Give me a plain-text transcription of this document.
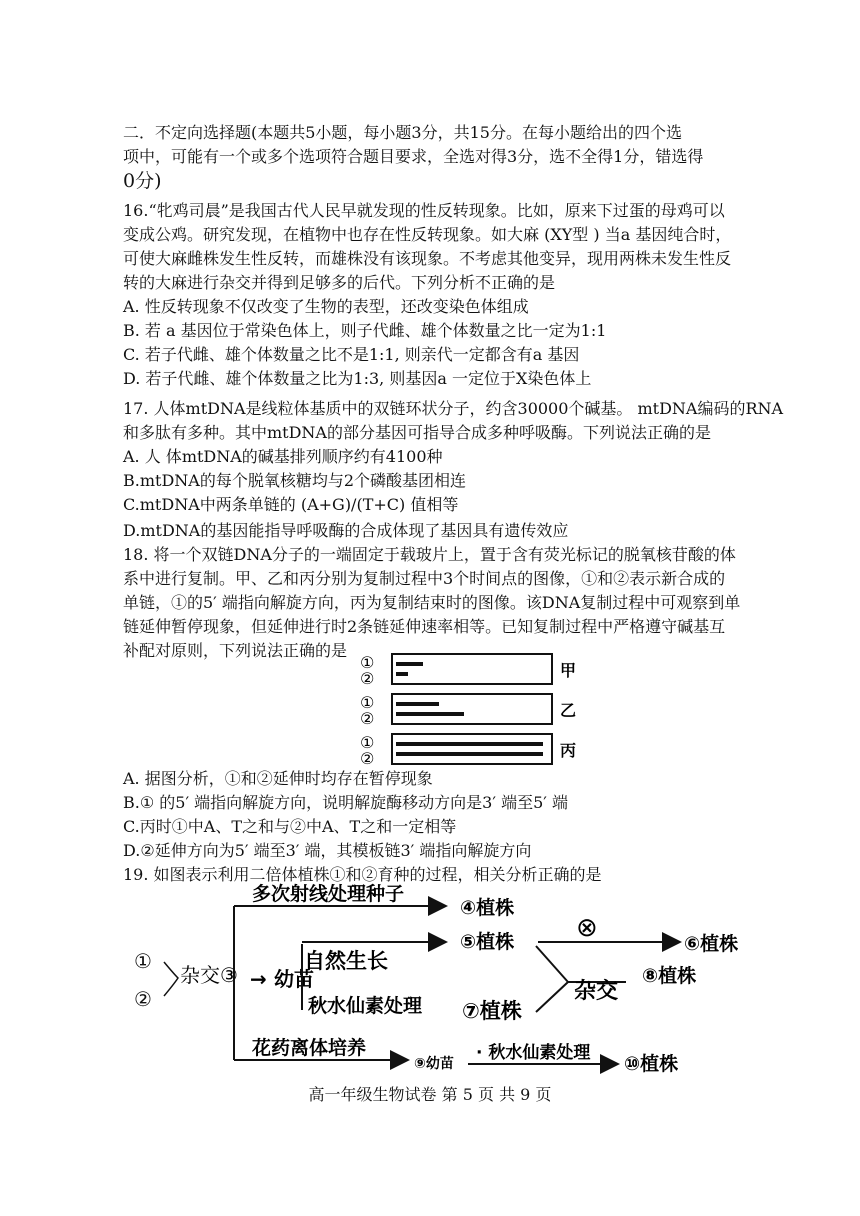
二．不定向选择题(本题共5小题，每小题3分，共15分。在每小题给出的四个选
项中，可能有一个或多个选项符合题目要求，全选对得3分，选不全得1分，错选得
0分)
16.“牝鸡司晨”是我国古代人民早就发现的性反转现象。比如，原来下过蛋的母鸡可以
变成公鸡。研究发现，在植物中也存在性反转现象。如大麻 (XY型 ) 当a 基因纯合时，
可使大麻雌株发生性反转，而雄株没有该现象。不考虑其他变异，现用两株未发生性反
转的大麻进行杂交并得到足够多的后代。下列分析不正确的是
A. 性反转现象不仅改变了生物的表型，还改变染色体组成
B. 若 a 基因位于常染色体上，则子代雌、雄个体数量之比一定为1:1
C. 若子代雌、雄个体数量之比不是1:1, 则亲代一定都含有a 基因
D. 若子代雌、雄个体数量之比为1:3, 则基因a 一定位于X染色体上
17. 人体mtDNA是线粒体基质中的双链环状分子，约含30000个碱基。 mtDNA编码的RNA
和多肽有多种。其中mtDNA的部分基因可指导合成多种呼吸酶。下列说法正确的是
A. 人 体mtDNA的碱基排列顺序约有4100种
B.mtDNA的每个脱氧核糖均与2个磷酸基团相连
C.mtDNA中两条单链的 (A+G)/(T+C) 值相等
D.mtDNA的基因能指导呼吸酶的合成体现了基因具有遗传效应
18. 将一个双链DNA分子的一端固定于载玻片上，置于含有荧光标记的脱氧核苷酸的体
系中进行复制。甲、乙和丙分别为复制过程中3个时间点的图像，①和②表示新合成的
单链，①的5′ 端指向解旋方向，丙为复制结束时的图像。该DNA复制过程中可观察到单
链延伸暂停现象，但延伸进行时2条链延伸速率相等。已知复制过程中严格遵守碱基互
补配对原则，下列说法正确的是
①
②	甲
①
②	乙
①
②	丙
A. 据图分析，①和②延伸时均存在暂停现象
B.① 的5′ 端指向解旋方向，说明解旋酶移动方向是3′ 端至5′ 端
C.丙时①中A、T之和与②中A、T之和一定相等
D.②延伸方向为5′ 端至3′ 端，其模板链3′ 端指向解旋方向
19. 如图表示利用二倍体植株①和②育种的过程，相关分析正确的是
①
②
杂交③
多次射线处理种子
④植株
→ 幼苗
自然生长
⑤植株
秋水仙素处理 ⑦植株
⊗
⑥植株
杂交
⑧植株
花药离体培养
⑨幼苗
· 秋水仙素处理 ⑩植株
高一年级生物试卷 第 5 页 共 9 页
